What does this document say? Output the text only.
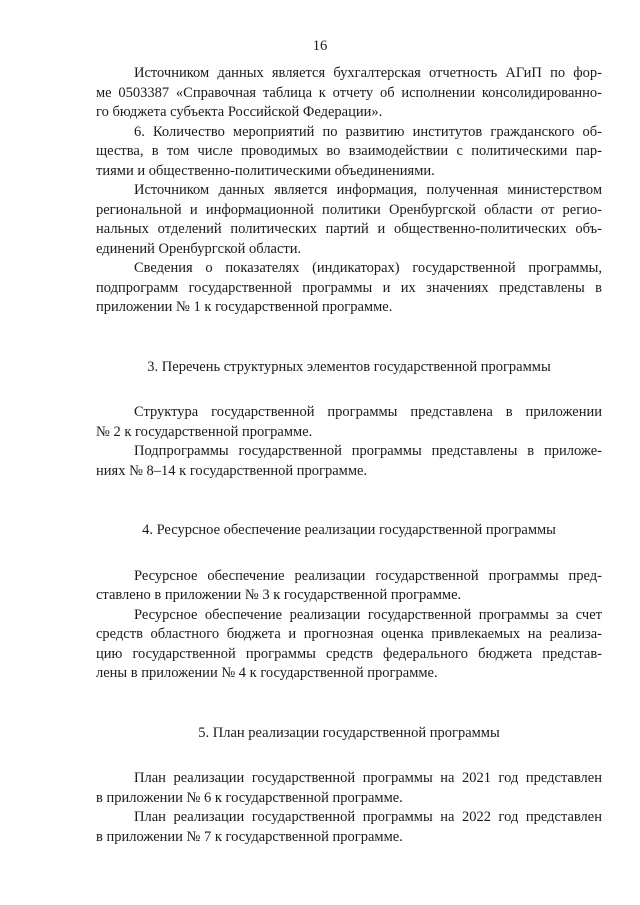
16
Источником данных является бухгалтерская отчетность АГиП по фор-
ме 0503387 «Справочная таблица к отчету об исполнении консолидированно-
го бюджета субъекта Российской Федерации».
6. Количество мероприятий по развитию институтов гражданского об-
щества, в том числе проводимых во взаимодействии с политическими пар-
тиями и общественно-политическими объединениями.
Источником данных является информация, полученная министерством
региональной и информационной политики Оренбургской области от регио-
нальных отделений политических партий и общественно-политических объ-
единений Оренбургской области.
Сведения о показателях (индикаторах) государственной программы,
подпрограмм государственной программы и их значениях представлены в
приложении № 1 к государственной программе.
3. Перечень структурных элементов государственной программы
Структура государственной программы представлена в приложении
№ 2 к государственной программе.
Подпрограммы государственной программы представлены в приложе-
ниях № 8–14 к государственной программе.
4. Ресурсное обеспечение реализации государственной программы
Ресурсное обеспечение реализации государственной программы пред-
ставлено в приложении № 3 к государственной программе.
Ресурсное обеспечение реализации государственной программы за счет
средств областного бюджета и прогнозная оценка привлекаемых на реализа-
цию государственной программы средств федерального бюджета представ-
лены в приложении № 4 к государственной программе.
5. План реализации государственной программы
План реализации государственной программы на 2021 год представлен
в приложении № 6 к государственной программе.
План реализации государственной программы на 2022 год представлен
в приложении № 7 к государственной программе.
